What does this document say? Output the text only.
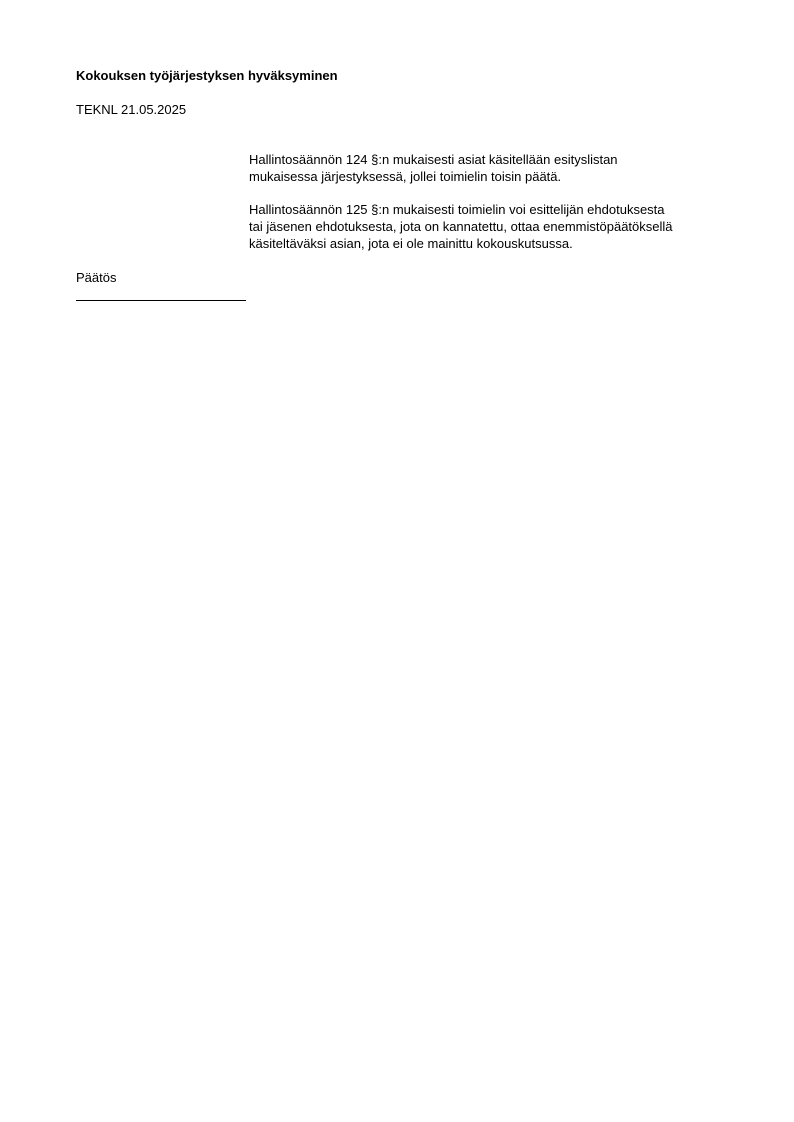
Kokouksen työjärjestyksen hyväksyminen
TEKNL 21.05.2025

Hallintosäännön 124 §:n mukaisesti asiat käsitellään esityslistan
mukaisessa järjestyksessä, jollei toimielin toisin päätä.

Hallintosäännön 125 §:n mukaisesti toimielin voi esittelijän ehdotuksesta
tai jäsenen ehdotuksesta, jota on kannatettu, ottaa enemmistöpäätöksellä
käsiteltäväksi asian, jota ei ole mainittu kokouskutsussa.

Päätös
